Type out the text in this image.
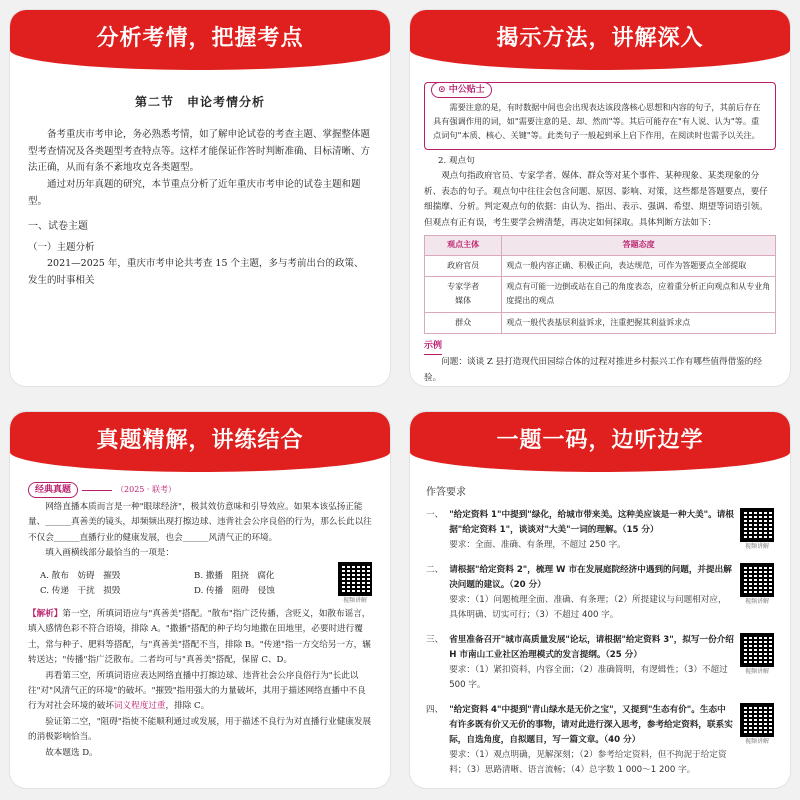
分析考情，把握考点
第二节　申论考情分析

备考重庆市考申论，务必熟悉考情，如了解申论试卷的考查主题、掌握整体题型考查情况及各类题型考查特点等。这样才能保证作答时判断准确、目标清晰、方法正确，从而有条不紊地攻克各类题型。

通过对历年真题的研究，本节重点分析了近年重庆市考申论的试卷主题和题型。

一、试卷主题
（一）主题分析

2021—2025 年，重庆市考申论共考查 15 个主题，多与考前出台的政策、发生的时事相关

揭示方法，讲解深入
⊙ 中公贴士

需要注意的是，有时数据中间也会出现表达该段落核心思想和内容的句子，其前后存在具有强调作用的词，如"需要注意的是、却、然而"等。其后可能存在"有人说、认为"等。重点词句"本质、核心、关键"等。此类句子一般起到承上启下作用，在阅读时也需予以关注。

2. 观点句

观点句指政府官员、专家学者、媒体、群众等对某个事件、某种现象、某类现象的分析、表态的句子。观点句中往往会包含问题、原因、影响、对策，这些都是答题要点，要仔细揣摩、分析。判定观点句的依据：由认为、指出、表示、强调、希望、期望等词语引领。但观点有正有误，考生要学会辨清楚，再决定如何採取。具体判断方法如下：

观点主体	答题态度
政府官员	观点一般内容正确、积极正向，表达规范，可作为答题要点全部提取
专家学者
媒体	观点有可能一边倒或站在自己的角度表态，应着重分析正向观点和从专业角度提出的观点
群众	观点一般代表基层利益诉求，注重把握其利益诉求点
示例

问题：谈谈 Z 县打造现代田园综合体的过程对推进乡村振兴工作有哪些值得借鉴的经验。

真题精解，讲练结合
经典真题	（2025 · 联考）

网络直播本质而言是一种"眼球经济"，极其效仿意味和引导效应。如果本该弘扬正能量、______真善美的镜头，却频频出现打擦边球、违背社会公序良俗的行为，那么长此以往不仅会______直播行业的健康发展，也会______风清气正的环境。

填入画横线部分最恰当的一项是：

A. 散布　妨碍　摧毁	B. 撒播　阻挠　腐化
C. 传递　干扰　损毁	D. 传播　阻碍　侵蚀
视频讲解

【解析】第一空，所填词语应与"真善美"搭配。"散布"指广泛传播，含贬义，如散布谣言，填入感情色彩不符合语境，排除 A。"撒播"搭配的种子均匀地撒在田地里，必要时进行覆土，常与种子、肥料等搭配，与"真善美"搭配不当，排除 B。"传递"指一方交给另一方，辗转送达；"传播"指广泛散布。二者均可与"真善美"搭配，保留 C、D。

再看第三空，所填词语应表达网络直播中打擦边球、违背社会公序良俗行为"长此以往"对"风清气正的环境"的破坏。"摧毁"指用强大的力量破坏，其用于描述网络直播中不良行为对社会环境的破坏词义程度过重，排除 C。

验证第二空，"阻碍"指使不能顺利通过或发展，用于描述不良行为对直播行业健康发展的消极影响恰当。

故本题选 D。

一题一码，边听边学
作答要求
一、 "给定资料 1"中提到"绿化，给城市带来美。这种美应该是一种大美"。请根据"给定资料 1"，谈谈对"大美"一词的理解。（15 分）
要求：全面、准确、有条理，不超过 250 字。	视频讲解
二、 请根据"给定资料 2"，梳理 W 市在发展庭院经济中遇到的问题，并提出解决问题的建议。（20 分）
要求：（1）问题梳理全面、准确、有条理；（2）所提建议与问题相对应，具体明确、切实可行；（3）不超过 400 字。
视频讲解
三、 省里准备召开"城市高质量发展"论坛，请根据"给定资料 3"，拟写一份介绍 H 市南山工业社区治理模式的发言提纲。（25 分）
要求：（1）紧扣资料，内容全面；（2）准确简明，有逻辑性；（3）不超过 500 字。
视频讲解
四、 "给定资料 4"中提到"青山绿水是无价之宝"，又提到"生态有价"。生态中有许多既有价又无价的事物，请对此进行深入思考，参考给定资料，联系实际，自选角度，自拟题目，写一篇文章。（40 分）
要求：（1）观点明确，见解深刻；（2）参考给定资料，但不拘泥于给定资料；（3）思路清晰、语言流畅；（4）总字数 1 000～1 200 字。
视频讲解
